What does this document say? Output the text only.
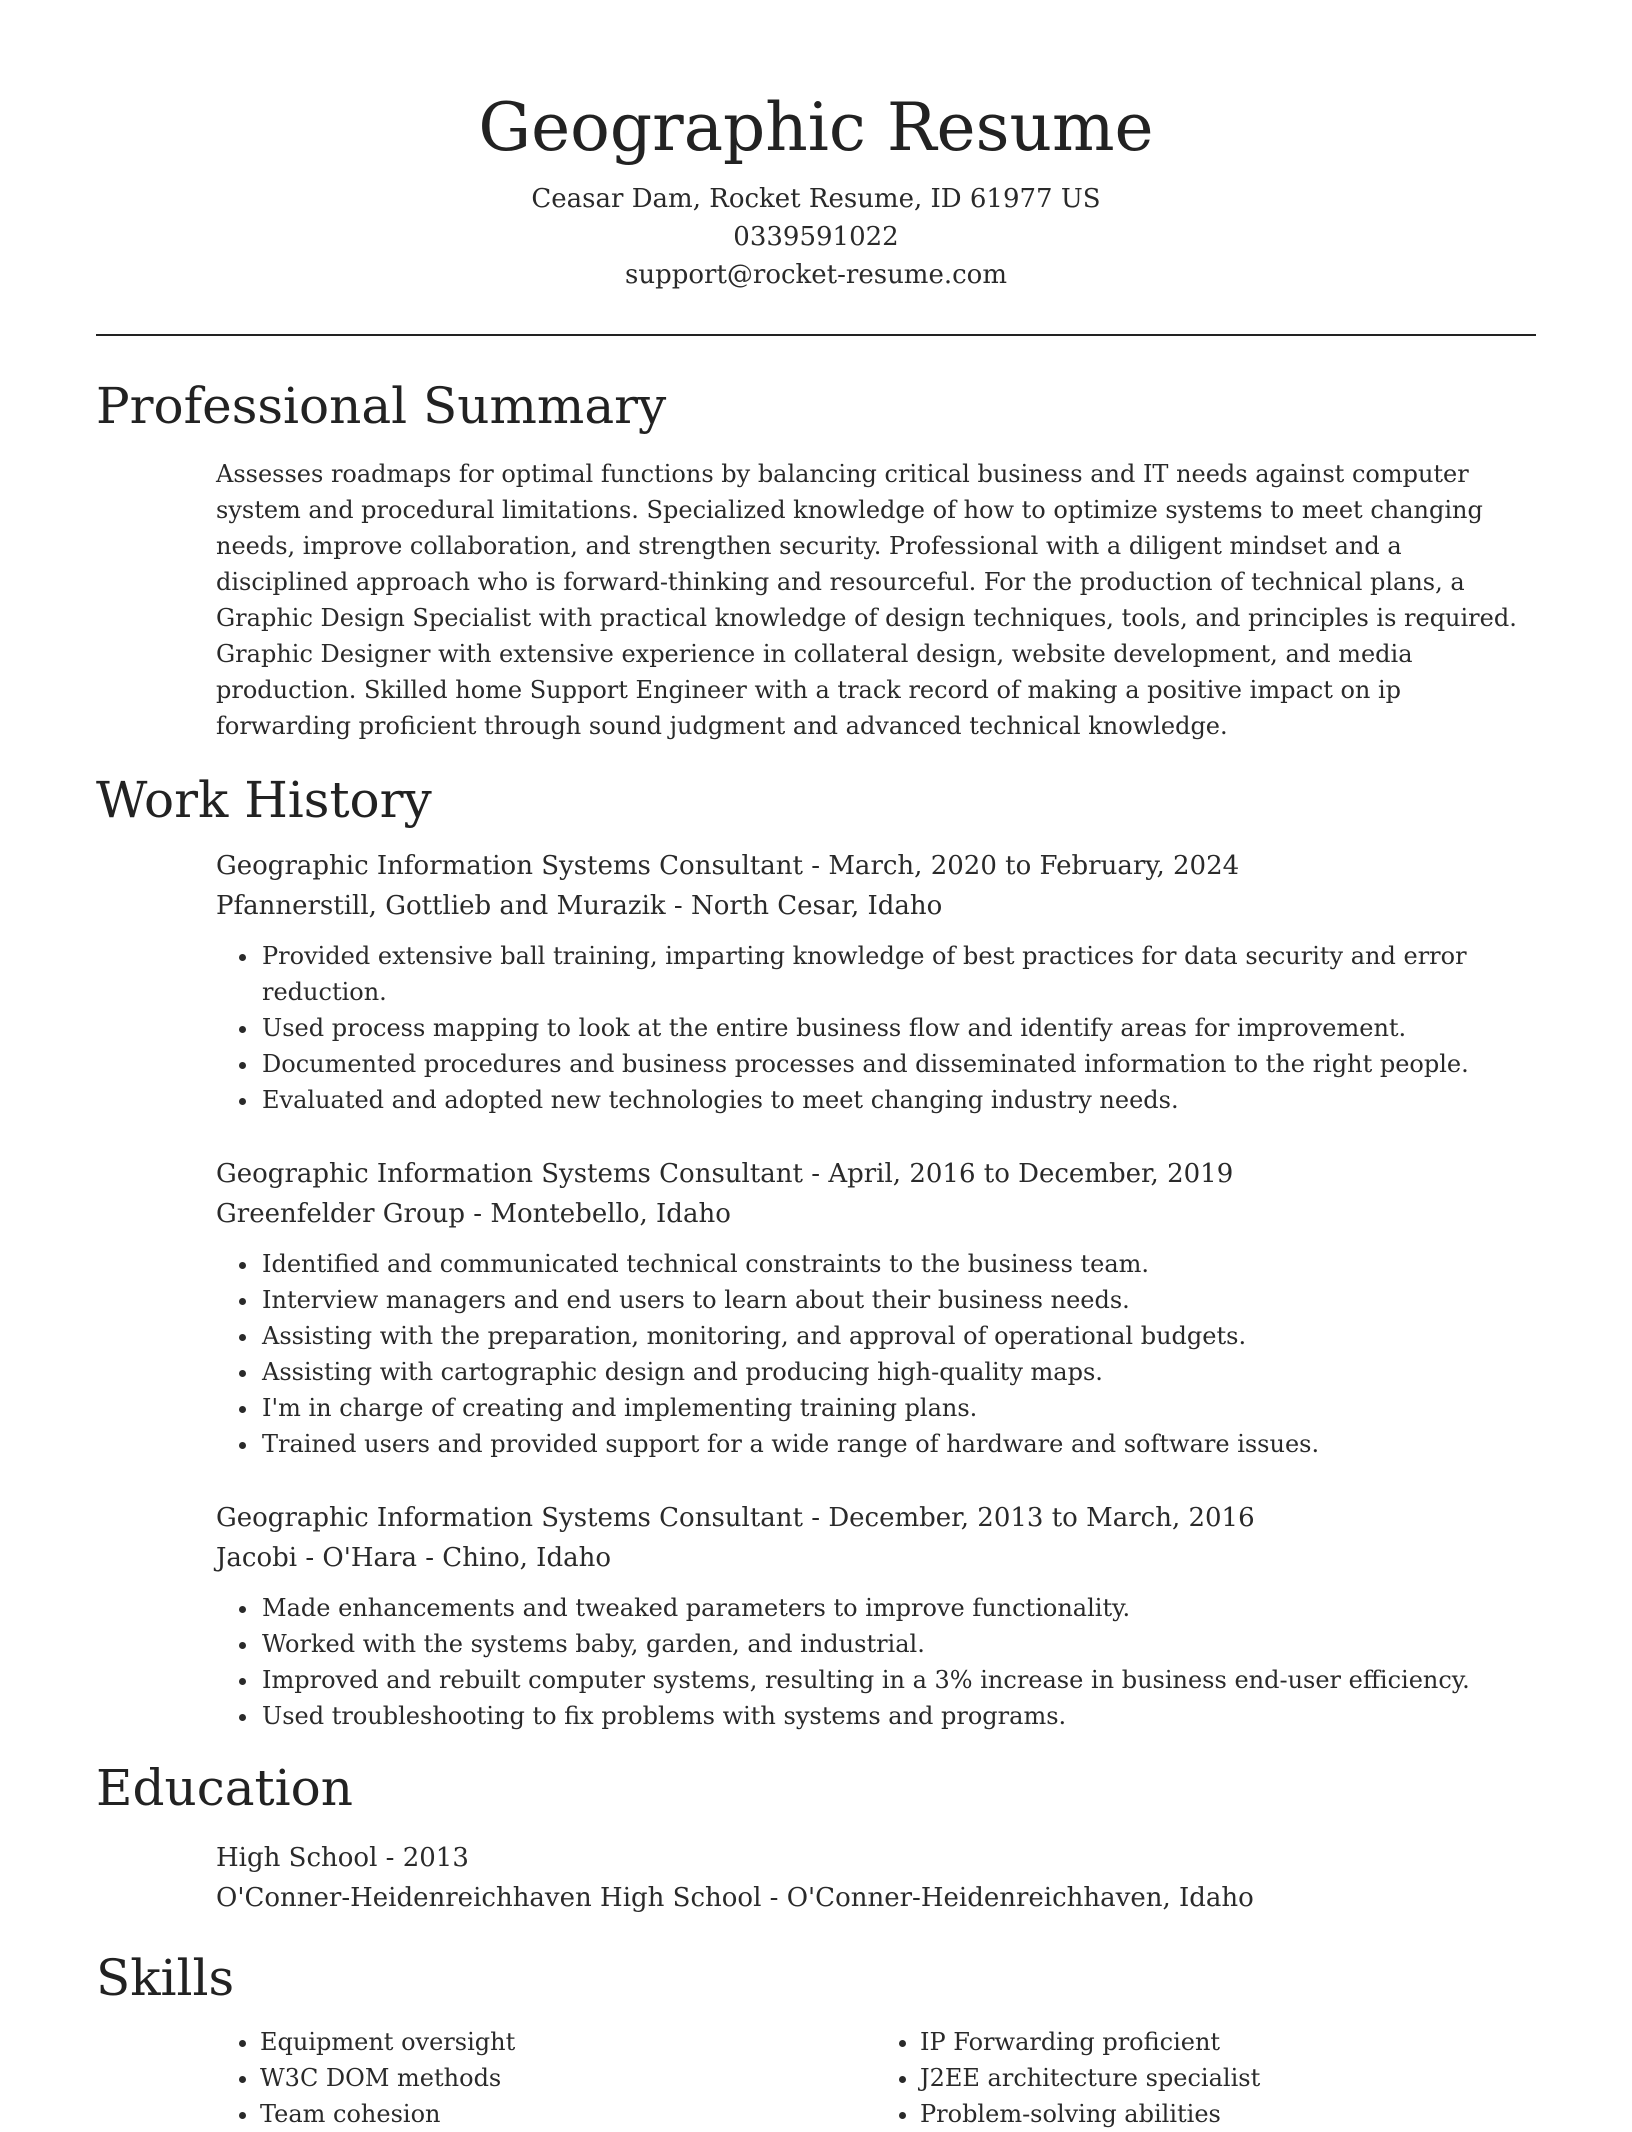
Geographic Resume
Ceasar Dam, Rocket Resume, ID 61977 US
0339591022
support@rocket-resume.com
Professional Summary
Assesses roadmaps for optimal functions by balancing critical business and IT needs against computer system and procedural limitations. Specialized knowledge of how to optimize systems to meet changing needs, improve collaboration, and strengthen security. Professional with a diligent mindset and a disciplined approach who is forward-thinking and resourceful. For the production of technical plans, a Graphic Design Specialist with practical knowledge of design techniques, tools, and principles is required. Graphic Designer with extensive experience in collateral design, website development, and media production. Skilled home Support Engineer with a track record of making a positive impact on ip forwarding proficient through sound judgment and advanced technical knowledge.
Work History
Geographic Information Systems Consultant - March, 2020 to February, 2024
Pfannerstill, Gottlieb and Murazik - North Cesar, Idaho
• Provided extensive ball training, imparting knowledge of best practices for data security and error reduction.
• Used process mapping to look at the entire business flow and identify areas for improvement.
• Documented procedures and business processes and disseminated information to the right people.
• Evaluated and adopted new technologies to meet changing industry needs.
Geographic Information Systems Consultant - April, 2016 to December, 2019
Greenfelder Group - Montebello, Idaho
• Identified and communicated technical constraints to the business team.
• Interview managers and end users to learn about their business needs.
• Assisting with the preparation, monitoring, and approval of operational budgets.
• Assisting with cartographic design and producing high-quality maps.
• I'm in charge of creating and implementing training plans.
• Trained users and provided support for a wide range of hardware and software issues.
Geographic Information Systems Consultant - December, 2013 to March, 2016
Jacobi - O'Hara - Chino, Idaho
• Made enhancements and tweaked parameters to improve functionality.
• Worked with the systems baby, garden, and industrial.
• Improved and rebuilt computer systems, resulting in a 3% increase in business end-user efficiency.
• Used troubleshooting to fix problems with systems and programs.
Education
High School - 2013
O'Conner-Heidenreichhaven High School - O'Conner-Heidenreichhaven, Idaho
Skills
• Equipment oversight
• W3C DOM methods
• Team cohesion
• IP Forwarding proficient
• J2EE architecture specialist
• Problem-solving abilities
